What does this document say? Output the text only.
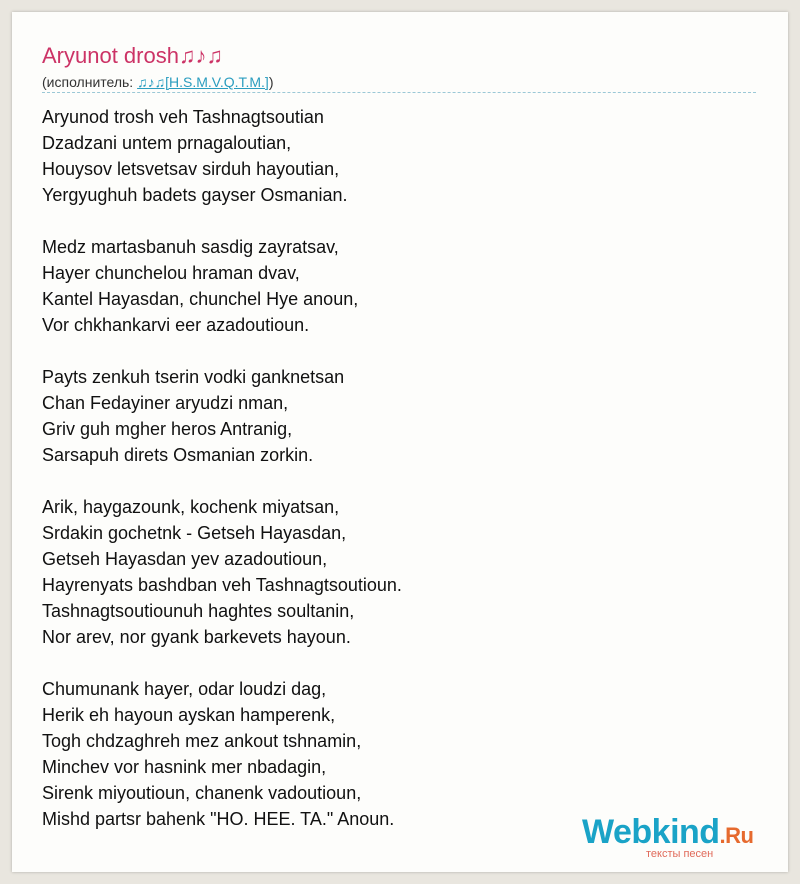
Aryunot drosh♫♪♫
(исполнитель: ♫♪♫[H.S.M.V.Q.T.M.])
Aryunod trosh veh Tashnagtsoutian
Dzadzani untem prnagaloutian,
Houysov letsvetsav sirduh hayoutian,
Yergyughuh badets gayser Osmanian.
Medz martasbanuh sasdig zayratsav,
Hayer chunchelou hraman dvav,
Kantel Hayasdan, chunchel Hye anoun,
Vor chkhankarvi eer azadoutioun.
Payts zenkuh tserin vodki ganknetsan
Chan Fedayiner aryudzi nman,
Griv guh mgher heros Antranig,
Sarsapuh direts Osmanian zorkin.
Arik, haygazounk, kochenk miyatsan,
Srdakin gochetnk - Getseh Hayasdan,
Getseh Hayasdan yev azadoutioun,
Hayrenyats bashdban veh Tashnagtsoutioun.
Tashnagtsoutiounuh haghtes soultanin,
Nor arev, nor gyank barkevets hayoun.
Chumunank hayer, odar loudzi dag,
Herik eh hayoun ayskan hamperenk,
Togh chdzaghreh mez ankout tshnamin,
Minchev vor hasnink mer nbadagin,
Sirenk miyoutioun, chanenk vadoutioun,
Mishd partsr bahenk "HO. HEE. TA." Anoun.	Webkind.Ru
тексты песен
